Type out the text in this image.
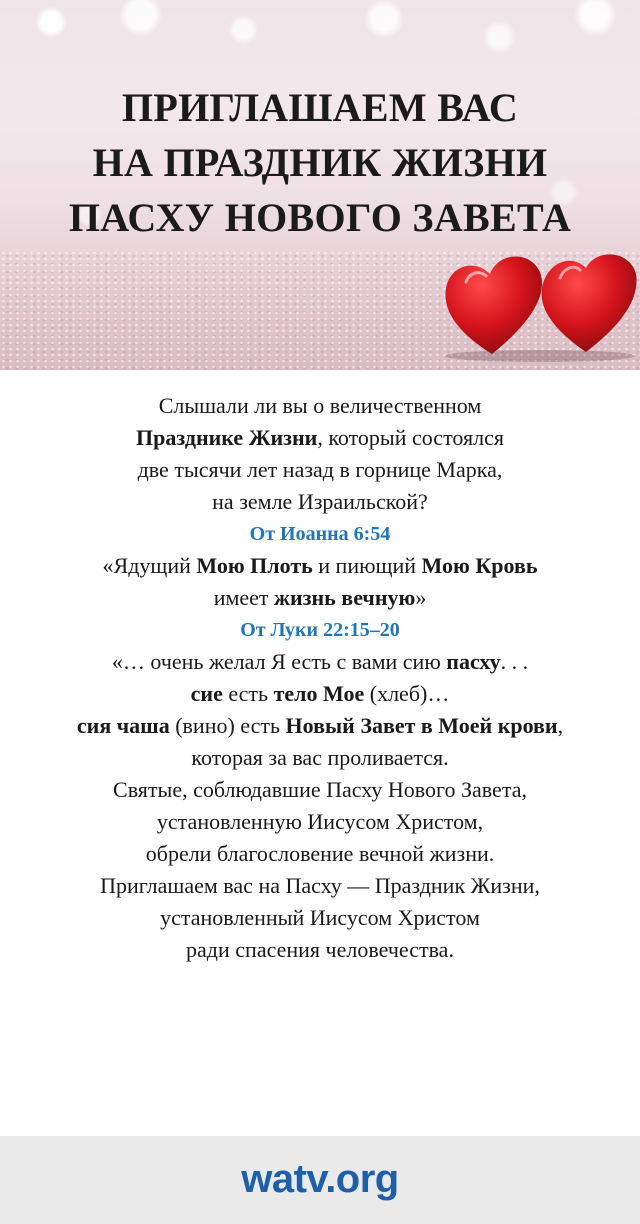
ПРИГЛАШАЕМ ВАС
НА ПРАЗДНИК ЖИЗНИ
ПАСХУ НОВОГО ЗАВЕТА

Слышали ли вы о величественном
Празднике Жизни, который состоялся
две тысячи лет назад в горнице Марка,
на земле Израильской?

От Иоанна 6:54

«Ядущий Мою Плоть и пиющий Мою Кровь
имеет жизнь вечную»

От Луки 22:15–20

«… очень желал Я есть с вами сию пасху. . .
сие есть тело Мое (хлеб)…
сия чаша (вино) есть Новый Завет в Моей крови,
которая за вас проливается.

Святые, соблюдавшие Пасху Нового Завета,
установленную Иисусом Христом,
обрели благословение вечной жизни.

Приглашаем вас на Пасху — Праздник Жизни,
установленный Иисусом Христом
ради спасения человечества.

watv.org
